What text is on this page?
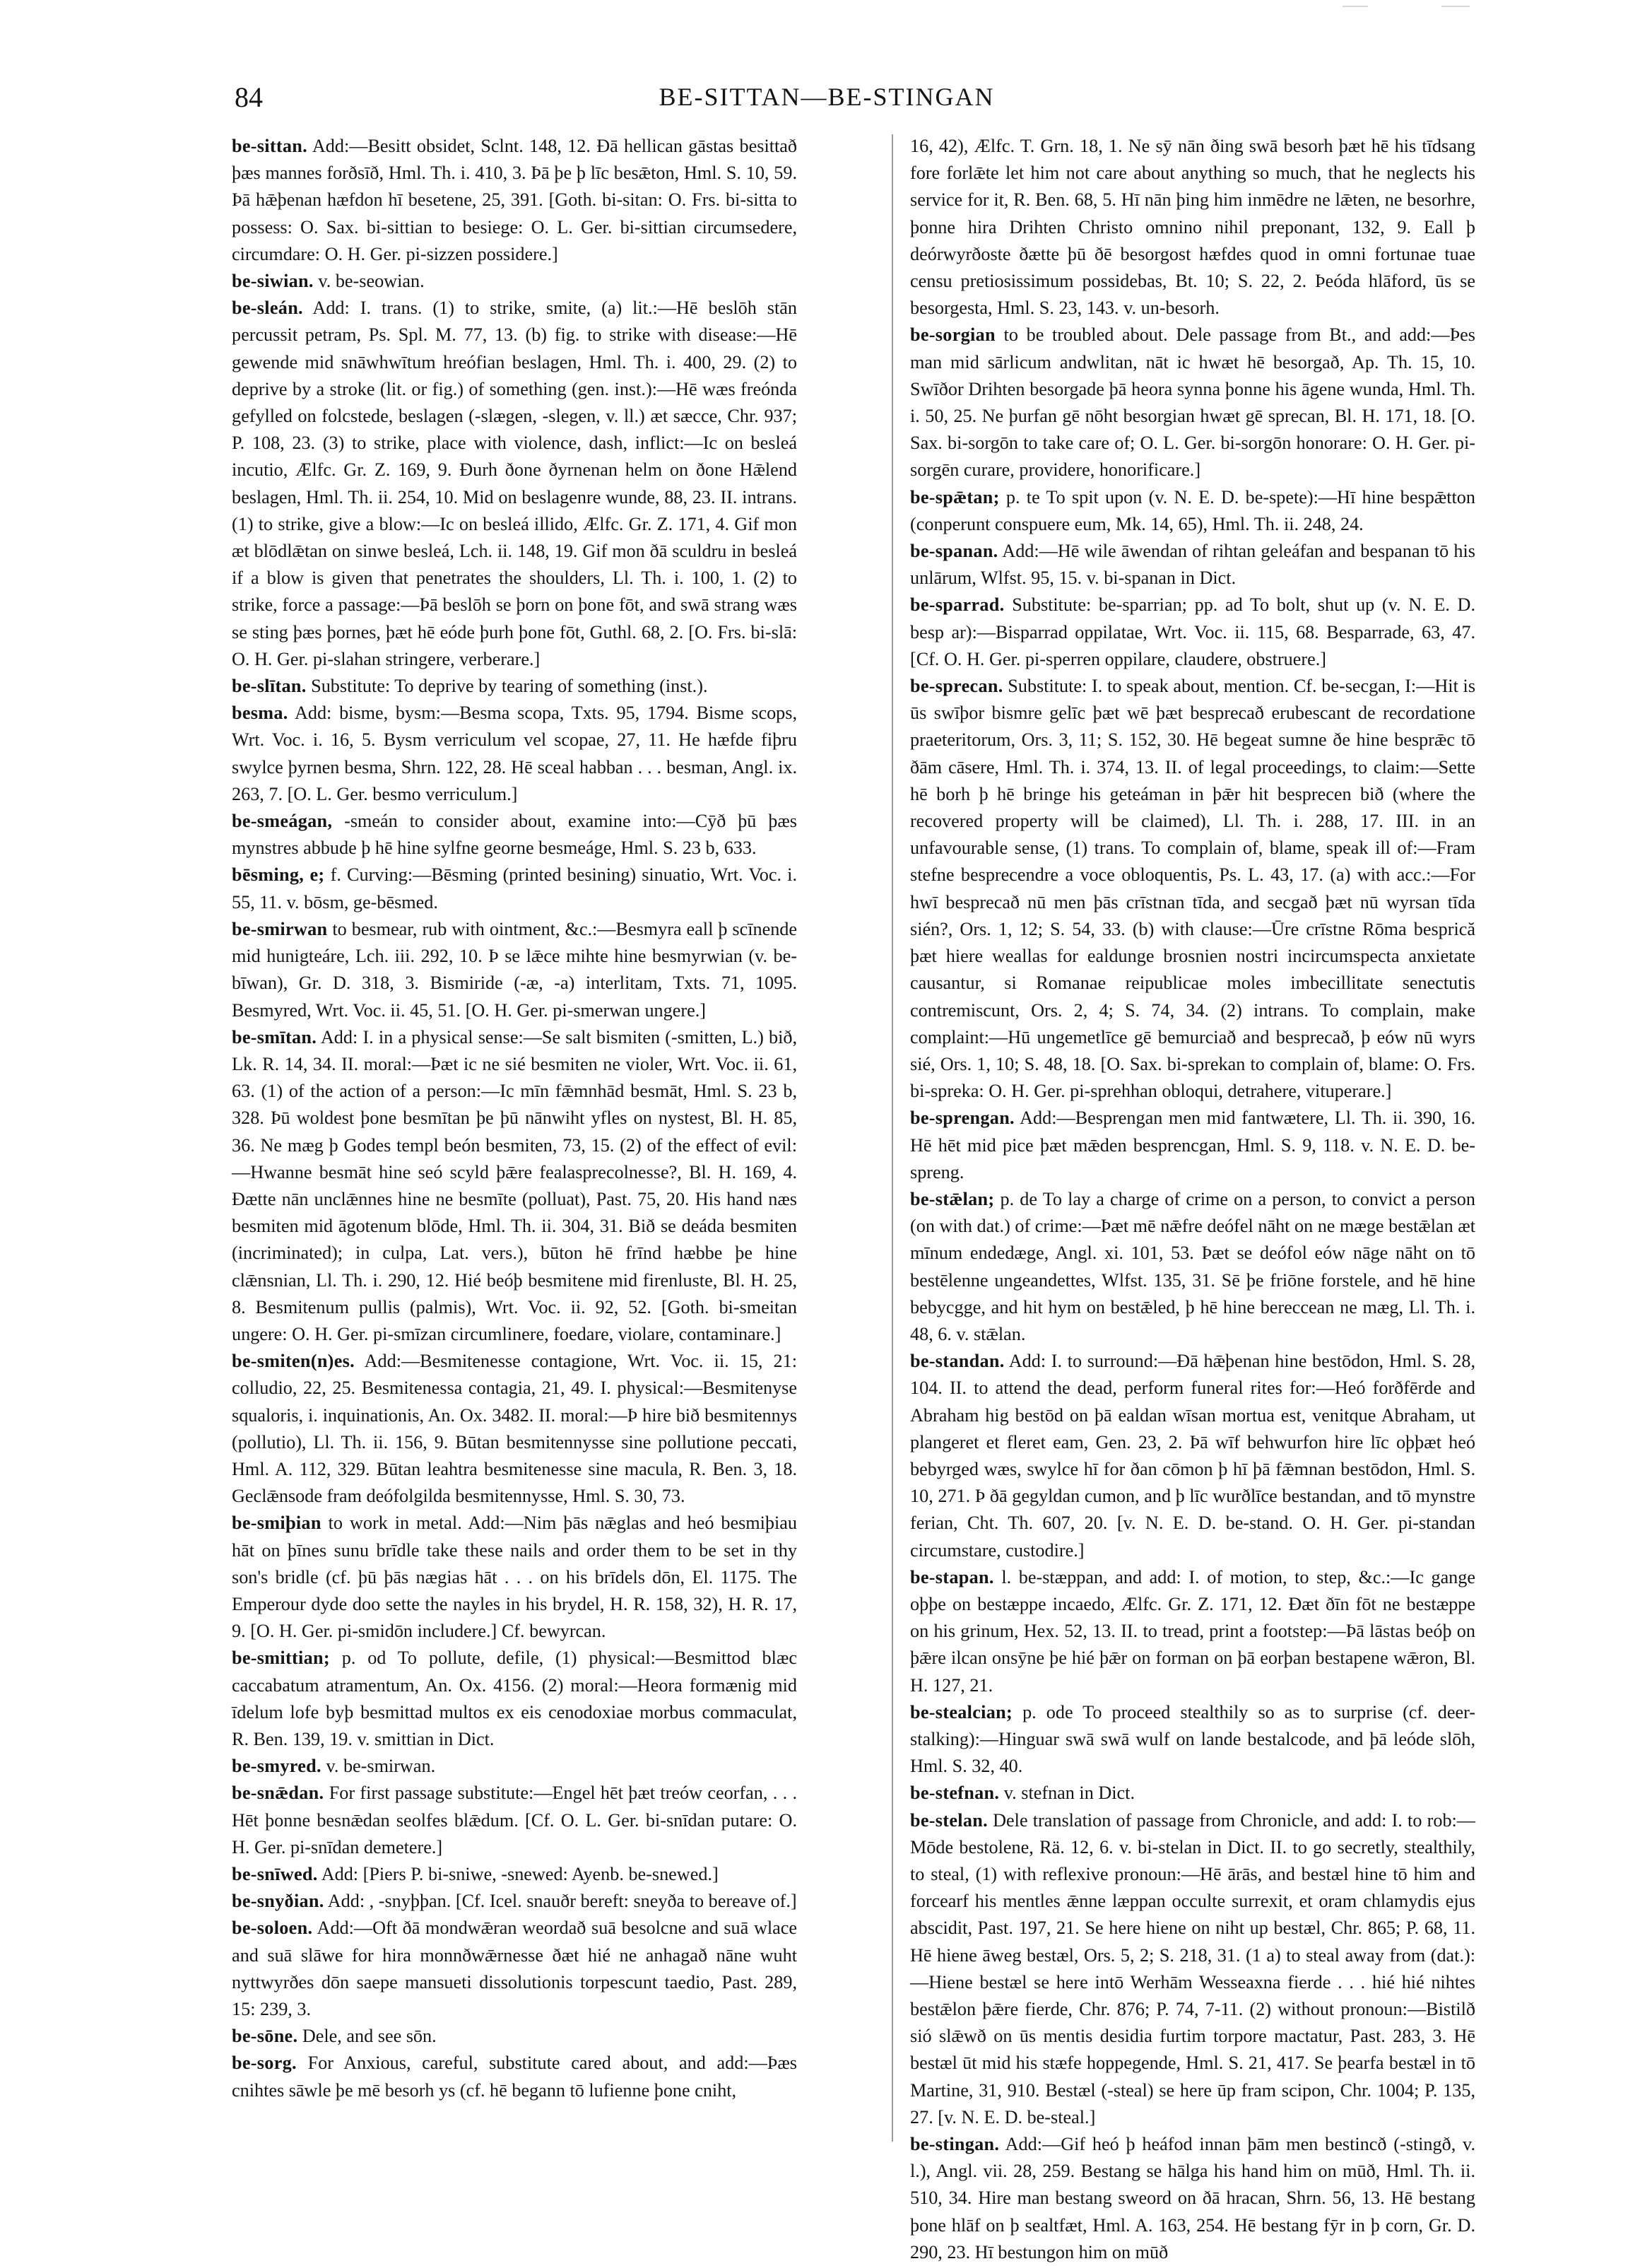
84	BE-SITTAN—BE-STINGAN

be-sittan. Add:—Besitt obsidet, Sclnt. 148, 12. Ðā hellican gāstas besittað þæs mannes forðsīð, Hml. Th. i. 410, 3. Þā þe þ līc besǣton, Hml. S. 10, 59. Þā hǣþenan hæfdon hī besetene, 25, 391. [Goth. bi-sitan: O. Frs. bi-sitta to possess: O. Sax. bi-sittian to besiege: O. L. Ger. bi-sittian circumsedere, circumdare: O. H. Ger. pi-sizzen possidere.]

be-siwian. v. be-seowian.

be-sleán. Add: I. trans. (1) to strike, smite, (a) lit.:—Hē beslōh stān percussit petram, Ps. Spl. M. 77, 13. (b) fig. to strike with disease:—Hē gewende mid snāwhwītum hreófian beslagen, Hml. Th. i. 400, 29. (2) to deprive by a stroke (lit. or fig.) of something (gen. inst.):—Hē wæs freónda gefylled on folcstede, beslagen (-slægen, -slegen, v. ll.) æt sæcce, Chr. 937; P. 108, 23. (3) to strike, place with violence, dash, inflict:—Ic on besleá incutio, Ælfc. Gr. Z. 169, 9. Ðurh ðone ðyrnenan helm on ðone Hǣlend beslagen, Hml. Th. ii. 254, 10. Mid on beslagenre wunde, 88, 23. II. intrans. (1) to strike, give a blow:—Ic on besleá illido, Ælfc. Gr. Z. 171, 4. Gif mon æt blōdlǣtan on sinwe besleá, Lch. ii. 148, 19. Gif mon ðā sculdru in besleá if a blow is given that penetrates the shoulders, Ll. Th. i. 100, 1. (2) to strike, force a passage:—Þā beslōh se þorn on þone fōt, and swā strang wæs se sting þæs þornes, þæt hē eóde þurh þone fōt, Guthl. 68, 2. [O. Frs. bi-slā: O. H. Ger. pi-slahan stringere, verberare.]

be-slītan. Substitute: To deprive by tearing of something (inst.).

besma. Add: bisme, bysm:—Besma scopa, Txts. 95, 1794. Bisme scops, Wrt. Voc. i. 16, 5. Bysm verriculum vel scopae, 27, 11. He hæfde fiþru swylce þyrnen besma, Shrn. 122, 28. Hē sceal habban . . . besman, Angl. ix. 263, 7. [O. L. Ger. besmo verriculum.]

be-smeágan, -smeán to consider about, examine into:—Cȳð þū þæs mynstres abbude þ hē hine sylfne georne besmeáge, Hml. S. 23 b, 633.

bēsming, e; f. Curving:—Bēsming (printed besining) sinuatio, Wrt. Voc. i. 55, 11. v. bōsm, ge-bēsmed.

be-smirwan to besmear, rub with ointment, &c.:—Besmyra eall þ scīnende mid hunigteáre, Lch. iii. 292, 10. Þ se lǣce mihte hine besmyrwian (v. be-bīwan), Gr. D. 318, 3. Bismiride (-æ, -a) interlitam, Txts. 71, 1095. Besmyred, Wrt. Voc. ii. 45, 51. [O. H. Ger. pi-smerwan ungere.]

be-smītan. Add: I. in a physical sense:—Se salt bismiten (-smitten, L.) bið, Lk. R. 14, 34. II. moral:—Þæt ic ne sié besmiten ne violer, Wrt. Voc. ii. 61, 63. (1) of the action of a person:—Ic mīn fǣmnhād besmāt, Hml. S. 23 b, 328. Þū woldest þone besmītan þe þū nānwiht yfles on nystest, Bl. H. 85, 36. Ne mæg þ Godes templ beón besmiten, 73, 15. (2) of the effect of evil:—Hwanne besmāt hine seó scyld þǣre fealasprecolnesse?, Bl. H. 169, 4. Ðætte nān unclǣnnes hine ne besmīte (polluat), Past. 75, 20. His hand næs besmiten mid āgotenum blōde, Hml. Th. ii. 304, 31. Bið se deáda besmiten (incriminated); in culpa, Lat. vers.), būton hē frīnd hæbbe þe hine clǣnsnian, Ll. Th. i. 290, 12. Hié beóþ besmitene mid firenluste, Bl. H. 25, 8. Besmitenum pullis (palmis), Wrt. Voc. ii. 92, 52. [Goth. bi-smeitan ungere: O. H. Ger. pi-smīzan circumlinere, foedare, violare, contaminare.]

be-smiten(n)es. Add:—Besmitenesse contagione, Wrt. Voc. ii. 15, 21: colludio, 22, 25. Besmitenessa contagia, 21, 49. I. physical:—Besmitenyse squaloris, i. inquinationis, An. Ox. 3482. II. moral:—Þ hire bið besmitennys (pollutio), Ll. Th. ii. 156, 9. Būtan besmitennysse sine pollutione peccati, Hml. A. 112, 329. Būtan leahtra besmitenesse sine macula, R. Ben. 3, 18. Geclǣnsode fram deófolgilda besmitennysse, Hml. S. 30, 73.

be-smiþian to work in metal. Add:—Nim þās nǣglas and heó besmiþiau hāt on þīnes sunu brīdle take these nails and order them to be set in thy son's bridle (cf. þū þās nægias hāt . . . on his brīdels dōn, El. 1175. The Emperour dyde doo sette the nayles in his brydel, H. R. 158, 32), H. R. 17, 9. [O. H. Ger. pi-smidōn includere.] Cf. bewyrcan.

be-smittian; p. od To pollute, defile, (1) physical:—Besmittod blæc caccabatum atramentum, An. Ox. 4156. (2) moral:—Heora formænig mid īdelum lofe byþ besmittad multos ex eis cenodoxiae morbus commaculat, R. Ben. 139, 19. v. smittian in Dict.

be-smyred. v. be-smirwan.

be-snǣdan. For first passage substitute:—Engel hēt þæt treów ceorfan, . . . Hēt þonne besnǣdan seolfes blǣdum. [Cf. O. L. Ger. bi-snīdan putare: O. H. Ger. pi-snīdan demetere.]

be-snīwed. Add: [Piers P. bi-sniwe, -snewed: Ayenb. be-snewed.]

be-snyðian. Add: , -snyþþan. [Cf. Icel. snauðr bereft: sneyða to bereave of.]

be-soloen. Add:—Oft ðā mondwǣran weordað suā besolcne and suā wlace and suā slāwe for hira monnðwǣrnesse ðæt hié ne anhagað nāne wuht nyttwyrðes dōn saepe mansueti dissolutionis torpescunt taedio, Past. 289, 15: 239, 3.

be-sōne. Dele, and see sōn.

be-sorg. For Anxious, careful, substitute cared about, and add:—Þæs cnihtes sāwle þe mē besorh ys (cf. hē begann tō lufienne þone cniht,

16, 42), Ælfc. T. Grn. 18, 1. Ne sȳ nān ðing swā besorh þæt hē his tīdsang fore forlǣte let him not care about anything so much, that he neglects his service for it, R. Ben. 68, 5. Hī nān þing him inmēdre ne lǣten, ne besorhre, þonne hira Drihten Christo omnino nihil preponant, 132, 9. Eall þ deórwyrðoste ðætte þū ðē besorgost hæfdes quod in omni fortunae tuae censu pretiosissimum possidebas, Bt. 10; S. 22, 2. Þeóda hlāford, ūs se besorgesta, Hml. S. 23, 143. v. un-besorh.

be-sorgian to be troubled about. Dele passage from Bt., and add:—Þes man mid sārlicum andwlitan, nāt ic hwæt hē besorgað, Ap. Th. 15, 10. Swīðor Drihten besorgade þā heora synna þonne his āgene wunda, Hml. Th. i. 50, 25. Ne þurfan gē nōht besorgian hwæt gē sprecan, Bl. H. 171, 18. [O. Sax. bi-sorgōn to take care of; O. L. Ger. bi-sorgōn honorare: O. H. Ger. pi-sorgēn curare, providere, honorificare.]

be-spǣtan; p. te To spit upon (v. N. E. D. be-spete):—Hī hine bespǣtton (conperunt conspuere eum, Mk. 14, 65), Hml. Th. ii. 248, 24.

be-spanan. Add:—Hē wile āwendan of rihtan geleáfan and bespanan tō his unlārum, Wlfst. 95, 15. v. bi-spanan in Dict.

be-sparrad. Substitute: be-sparrian; pp. ad To bolt, shut up (v. N. E. D. besp ar):—Bisparrad oppilatae, Wrt. Voc. ii. 115, 68. Besparrade, 63, 47. [Cf. O. H. Ger. pi-sperren oppilare, claudere, obstruere.]

be-sprecan. Substitute: I. to speak about, mention. Cf. be-secgan, I:—Hit is ūs swīþor bismre gelīc þæt wē þæt besprecað erubescant de recordatione praeteritorum, Ors. 3, 11; S. 152, 30. Hē begeat sumne ðe hine besprǣc tō ðām cāsere, Hml. Th. i. 374, 13. II. of legal proceedings, to claim:—Sette hē borh þ hē bringe his geteáman in þǣr hit besprecen bið (where the recovered property will be claimed), Ll. Th. i. 288, 17. III. in an unfavourable sense, (1) trans. To complain of, blame, speak ill of:—Fram stefne besprecendre a voce obloquentis, Ps. L. 43, 17. (a) with acc.:—For hwī besprecað nū men þās crīstnan tīda, and secgað þæt nū wyrsan tīda sién?, Ors. 1, 12; S. 54, 33. (b) with clause:—Ūre crīstne Rōma besprică þæt hiere weallas for ealdunge brosnien nostri incircumspecta anxietate causantur, si Romanae reipublicae moles imbecillitate senectutis contremiscunt, Ors. 2, 4; S. 74, 34. (2) intrans. To complain, make complaint:—Hū ungemetlīce gē bemurciað and besprecað, þ eów nū wyrs sié, Ors. 1, 10; S. 48, 18. [O. Sax. bi-sprekan to complain of, blame: O. Frs. bi-spreka: O. H. Ger. pi-sprehhan obloqui, detrahere, vituperare.]

be-sprengan. Add:—Besprengan men mid fantwætere, Ll. Th. ii. 390, 16. Hē hēt mid pice þæt mǣden besprencgan, Hml. S. 9, 118. v. N. E. D. be-spreng.

be-stǣlan; p. de To lay a charge of crime on a person, to convict a person (on with dat.) of crime:—Þæt mē nǣfre deófel nāht on ne mæge bestǣlan æt mīnum endedæge, Angl. xi. 101, 53. Þæt se deófol eów nāge nāht on tō bestēlenne ungeandettes, Wlfst. 135, 31. Sē þe friōne forstele, and hē hine bebycgge, and hit hym on bestǣled, þ hē hine bereccean ne mæg, Ll. Th. i. 48, 6. v. stǣlan.

be-standan. Add: I. to surround:—Ðā hǣþenan hine bestōdon, Hml. S. 28, 104. II. to attend the dead, perform funeral rites for:—Heó forðfērde and Abraham hig bestōd on þā ealdan wīsan mortua est, venitque Abraham, ut plangeret et fleret eam, Gen. 23, 2. Þā wīf behwurfon hire līc oþþæt heó bebyrged wæs, swylce hī for ðan cōmon þ hī þā fǣmnan bestōdon, Hml. S. 10, 271. Þ ðā gegyldan cumon, and þ līc wurðlīce bestandan, and tō mynstre ferian, Cht. Th. 607, 20. [v. N. E. D. be-stand. O. H. Ger. pi-standan circumstare, custodire.]

be-stapan. l. be-stæppan, and add: I. of motion, to step, &c.:—Ic gange oþþe on bestæppe incaedo, Ælfc. Gr. Z. 171, 12. Ðæt ðīn fōt ne bestæppe on his grinum, Hex. 52, 13. II. to tread, print a footstep:—Þā lāstas beóþ on þǣre ilcan onsȳne þe hié þǣr on forman on þā eorþan bestapene wǣron, Bl. H. 127, 21.

be-stealcian; p. ode To proceed stealthily so as to surprise (cf. deer-stalking):—Hinguar swā swā wulf on lande bestalcode, and þā leóde slōh, Hml. S. 32, 40.

be-stefnan. v. stefnan in Dict.

be-stelan. Dele translation of passage from Chronicle, and add: I. to rob:—Mōde bestolene, Rä. 12, 6. v. bi-stelan in Dict. II. to go secretly, stealthily, to steal, (1) with reflexive pronoun:—Hē ārās, and bestæl hine tō him and forcearf his mentles ǣnne læppan occulte surrexit, et oram chlamydis ejus abscidit, Past. 197, 21. Se here hiene on niht up bestæl, Chr. 865; P. 68, 11. Hē hiene āweg bestæl, Ors. 5, 2; S. 218, 31. (1 a) to steal away from (dat.):—Hiene bestæl se here intō Werhām Wesseaxna fierde . . . hié hié nihtes bestǣlon þǣre fierde, Chr. 876; P. 74, 7-11. (2) without pronoun:—Bistilð sió slǣwð on ūs mentis desidia furtim torpore mactatur, Past. 283, 3. Hē bestæl ūt mid his stæfe hoppegende, Hml. S. 21, 417. Se þearfa bestæl in tō Martine, 31, 910. Bestæl (-steal) se here ūp fram scipon, Chr. 1004; P. 135, 27. [v. N. E. D. be-steal.]

be-stingan. Add:—Gif heó þ heáfod innan þām men bestincð (-stingð, v. l.), Angl. vii. 28, 259. Bestang se hālga his hand him on mūð, Hml. Th. ii. 510, 34. Hire man bestang sweord on ðā hracan, Shrn. 56, 13. Hē bestang þone hlāf on þ sealtfæt, Hml. A. 163, 254. Hē bestang fȳr in þ corn, Gr. D. 290, 23. Hī bestungon him on mūð
